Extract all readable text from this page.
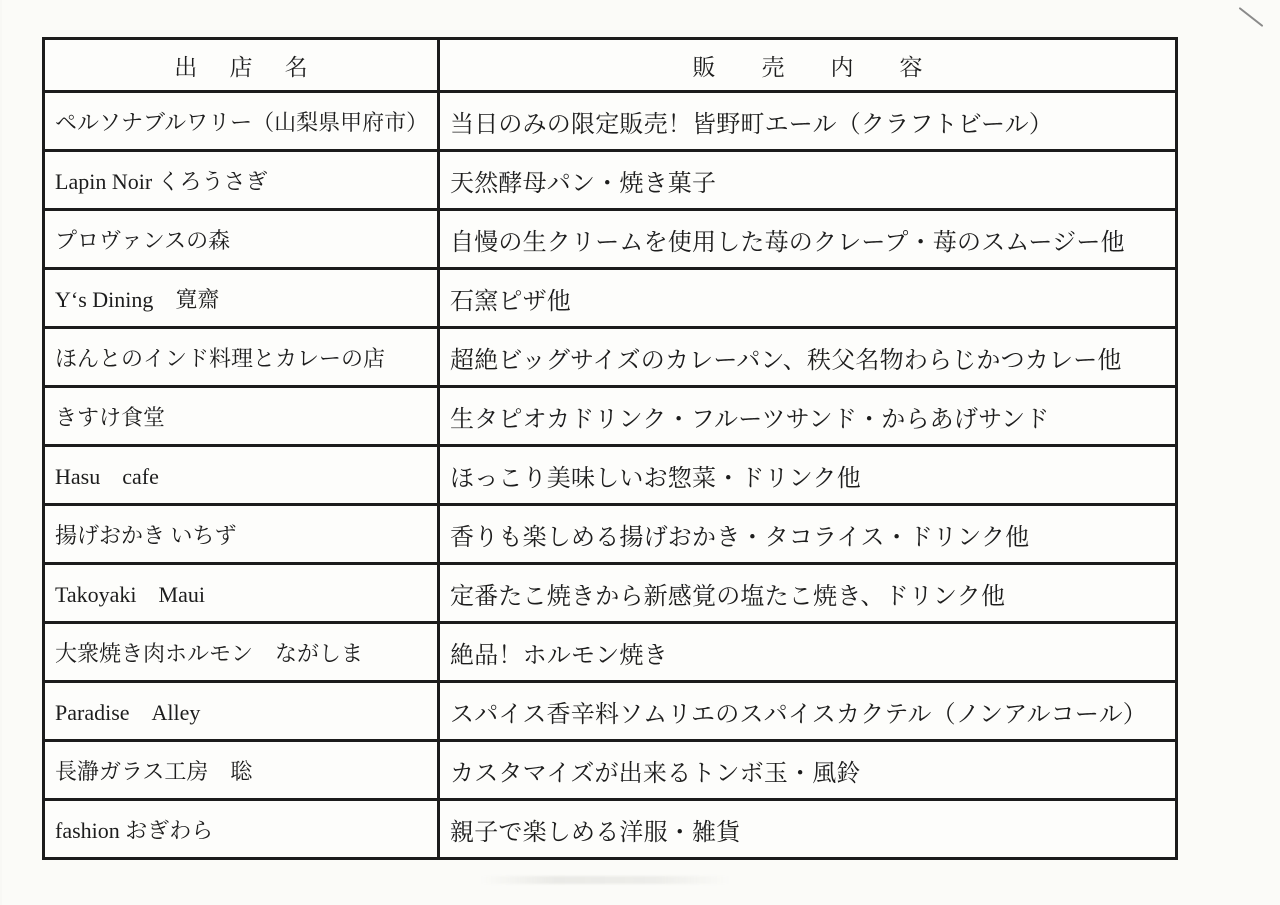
出店名	販売内容
ペルソナブルワリー（山梨県甲府市）	当日のみの限定販売！皆野町エール（クラフトビール）
Lapin Noir くろうさぎ	天然酵母パン・焼き菓子
プロヴァンスの森	自慢の生クリームを使用した苺のクレープ・苺のスムージー他
Y‘s Dining　寛齋	石窯ピザ他
ほんとのインド料理とカレーの店	超絶ビッグサイズのカレーパン、秩父名物わらじかつカレー他
きすけ食堂	生タピオカドリンク・フルーツサンド・からあげサンド
Hasu　cafe	ほっこり美味しいお惣菜・ドリンク他
揚げおかき いちず	香りも楽しめる揚げおかき・タコライス・ドリンク他
Takoyaki　Maui	定番たこ焼きから新感覚の塩たこ焼き、ドリンク他
大衆焼き肉ホルモン　ながしま	絶品！ホルモン焼き
Paradise　Alley	スパイス香辛料ソムリエのスパイスカクテル（ノンアルコール）
長瀞ガラス工房　聡	カスタマイズが出来るトンボ玉・風鈴
fashion おぎわら	親子で楽しめる洋服・雑貨
